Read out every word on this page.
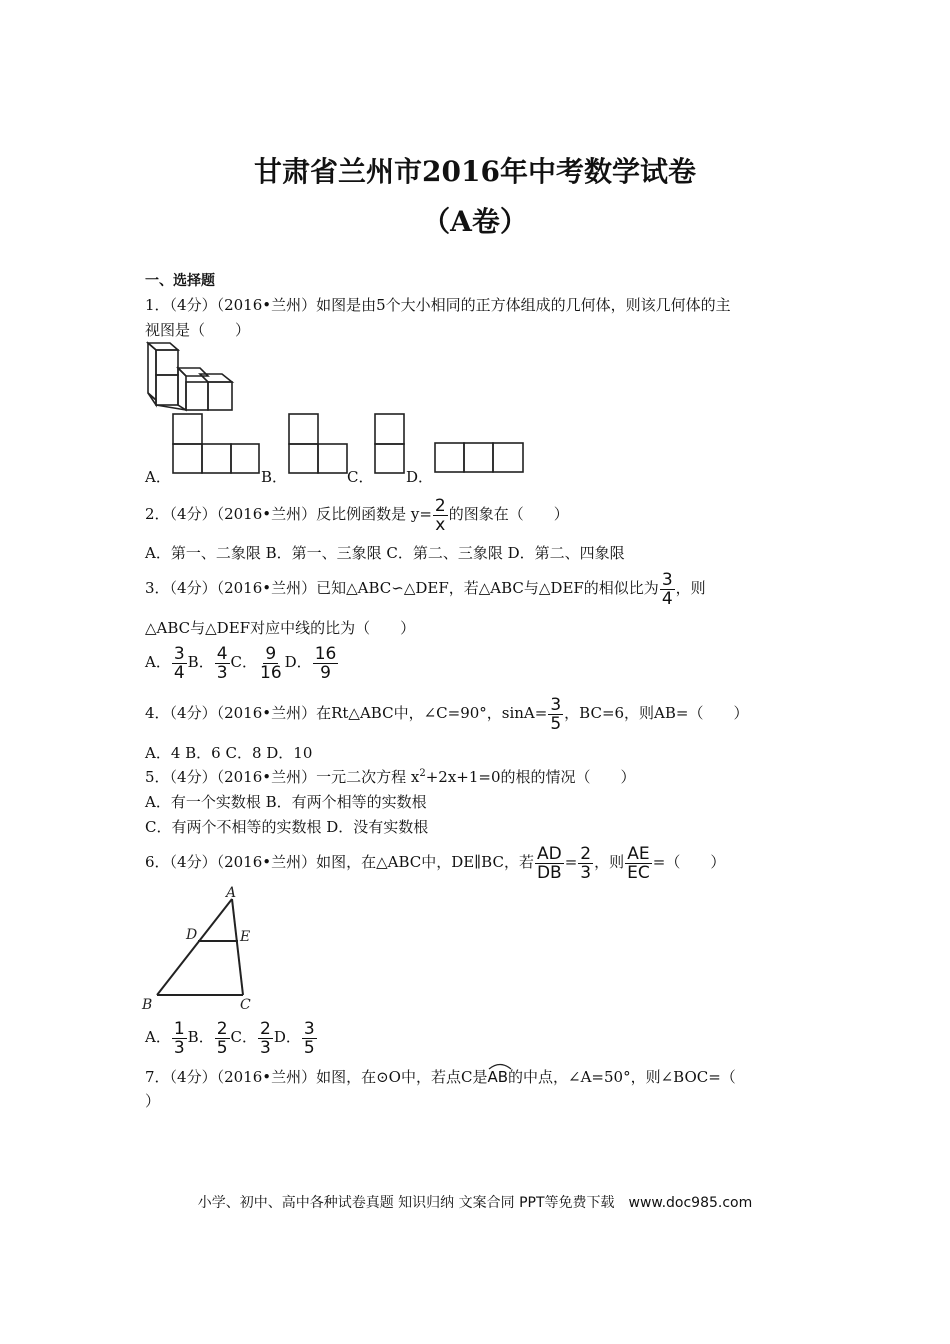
甘肃省兰州市2016年中考数学试卷
（A卷）
一、选择题
1．（4分）（2016•兰州）如图是由5个大小相同的正方体组成的几何体，则该几何体的主
视图是（　　）
A．	B．	C． D．
2．（4分）（2016•兰州）反比例函数是 $y= \frac{2}{x}$ 的图象在（　　）
A．第一、二象限 B．第一、三象限 C．第二、三象限 D．第二、四象限
3．（4分）（2016•兰州）已知△ABC∽△DEF，若△ABC与△DEF的相似比为 $\frac{3}{4}$ ，则
△ABC与△DEF对应中线的比为（　　）
A． $\frac{3}{4}$ B． $\frac{4}{3}$ C． $\frac{9}{16}$ D． $\frac{16}{9}$
4．（4分）（2016•兰州）在Rt△ABC中，∠C=90°，$\sin A= \frac{3}{5}$ ，BC=6，则AB=（　　）
A．4 B．6 C．8 D．10
5．（4分）（2016•兰州）一元二次方程 $x^2+2x+1=0$的根的情况（　　）
A．有一个实数根 B．有两个相等的实数根
C．有两个不相等的实数根 D．没有实数根
6．（4分）（2016•兰州）如图，在△ABC中，DE∥BC，若 $\frac{AD}{DB} = \frac{2}{3}$ ，则 $\frac{AE}{EC}$ =（　　）
A
D	E
B	C
A． $\frac{1}{3}$ B． $\frac{2}{5}$ C． $\frac{2}{3}$ D． $\frac{3}{5}$
7．（4分）（2016•兰州）如图，在⊙O中，若点C是
AB的中点，∠A=50°，则∠BOC=（
）
小学、初中、高中各种试卷真题 知识归纳 文案合同 PPT等免费下载　www.doc985.com
